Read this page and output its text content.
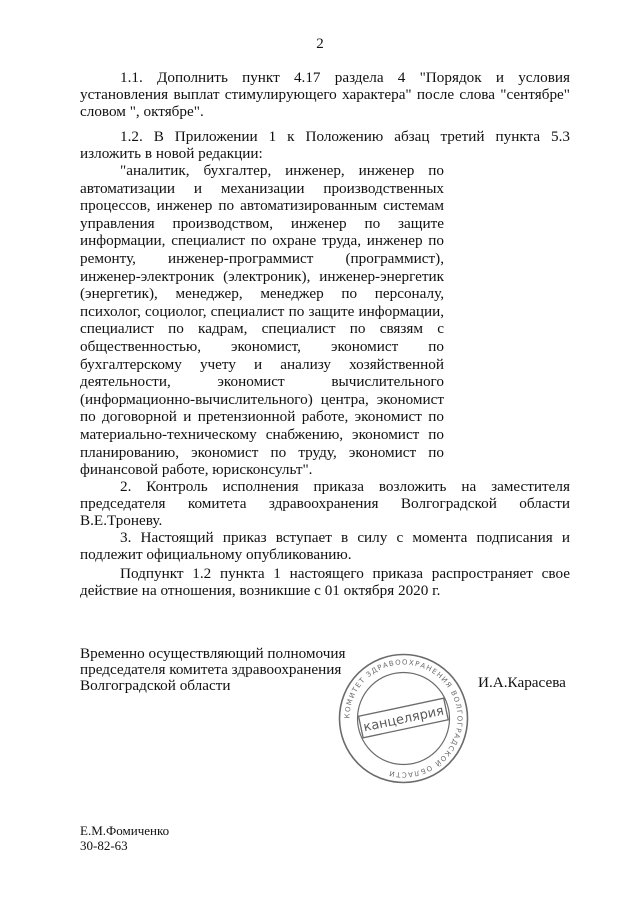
2
1.1. Дополнить пункт 4.17 раздела 4 "Порядок и условия установления выплат стимулирующего характера" после слова "сентябре" словом ", октябре".
1.2. В Приложении 1 к Положению абзац третий пункта 5.3 изложить в новой редакции:
"аналитик, бухгалтер, инженер, инженер по автоматизации и механизации производственных процессов, инженер по автоматизированным системам управления производством, инженер по защите информации, специалист по охране труда, инженер по ремонту, инженер-программист (программист), инженер-электроник (электроник), инженер-энергетик (энергетик), менеджер, менеджер по персоналу, психолог, социолог, специалист по защите информации, специалист по кадрам, специалист по связям с общественностью, экономист, экономист по бухгалтерскому учету и анализу хозяйственной деятельности, экономист вычислительного (информационно-вычислительного) центра, экономист по договорной и претензионной работе, экономист по материально-техническому снабжению, экономист по планированию, экономист по труду, экономист по финансовой работе, юрисконсульт".
2. Контроль исполнения приказа возложить на заместителя председателя комитета здравоохранения Волгоградской области В.Е.Троневу.
3. Настоящий приказ вступает в силу с момента подписания и подлежит официальному опубликованию.
Подпункт 1.2 пункта 1 настоящего приказа распространяет свое действие на отношения, возникшие с 01 октября 2020 г.
Временно осуществляющий полномочия
председателя комитета здравоохранения
Волгоградской области	И.А.Карасева
КОМИТЕТ ЗДРАВООХРАНЕНИЯ ВОЛГОГРАДСКОЙ ОБЛАСТИ
канцелярия
Е.М.Фомиченко
30-82-63
